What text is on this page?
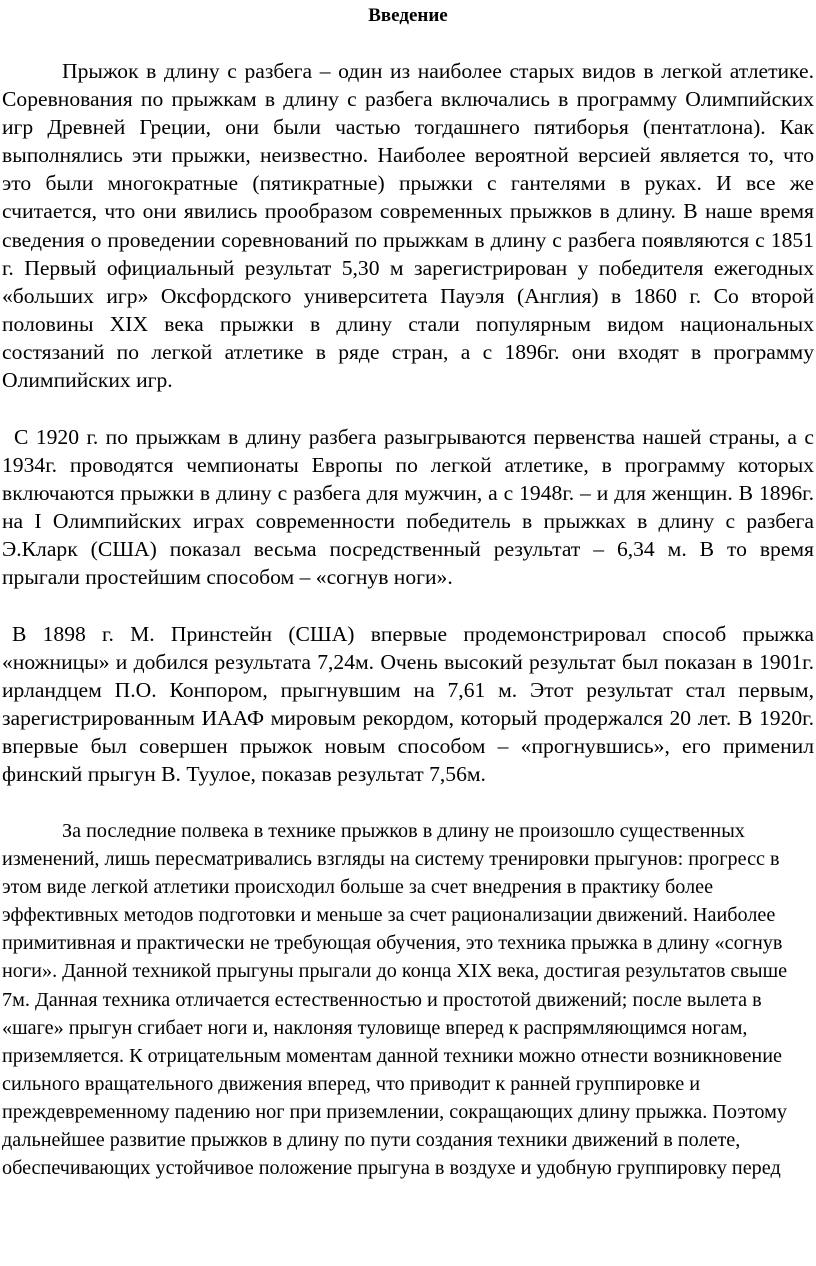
Введение

Прыжок в длину с разбега – один из наиболее старых видов в легкой атлетике. Соревнования по прыжкам в длину с разбега включались в программу Олимпийских игр Древней Греции, они были частью тогдашнего пятиборья (пентатлона). Как выполнялись эти прыжки, неизвестно. Наиболее вероятной версией является то, что это были многократные (пятикратные) прыжки с гантелями в руках. И все же считается, что они явились прообразом современных прыжков в длину. В наше время сведения о проведении соревнований по прыжкам в длину с разбега появляются с 1851 г. Первый официальный результат 5,30 м зарегистрирован у победителя ежегодных «больших игр» Оксфордского университета Пауэля (Англия) в 1860 г. Со второй половины XIX века прыжки в длину стали популярным видом национальных состязаний по легкой атлетике в ряде стран, а с 1896г. они входят в программу Олимпийских игр.

С 1920 г. по прыжкам в длину разбега разыгрываются первенства нашей страны, а с 1934г. проводятся чемпионаты Европы по легкой атлетике, в программу которых включаются прыжки в длину с разбега для мужчин, а с 1948г. – и для женщин. В 1896г. на I Олимпийских играх современности победитель в прыжках в длину с разбега Э.Кларк (США) показал весьма посредственный результат – 6,34 м. В то время прыгали простейшим способом – «согнув ноги».

В 1898 г. М. Принстейн (США) впервые продемонстрировал способ прыжка «ножницы» и добился результата 7,24м. Очень высокий результат был показан в 1901г. ирландцем П.О. Конпором, прыгнувшим на 7,61 м. Этот результат стал первым, зарегистрированным ИААФ мировым рекордом, который продержался 20 лет. В 1920г. впервые был совершен прыжок новым способом – «прогнувшись», его применил финский прыгун В. Туулое, показав результат 7,56м.

За последние полвека в технике прыжков в длину не произошло существенных изменений, лишь пересматривались взгляды на систему тренировки прыгунов: прогресс в этом виде легкой атлетики происходил больше за счет внедрения в практику более эффективных методов подготовки и меньше за счет рационализации движений. Наиболее примитивная и практически не требующая обучения, это техника прыжка в длину «согнув ноги». Данной техникой прыгуны прыгали до конца XIX века, достигая результатов свыше 7м. Данная техника отличается естественностью и простотой движений; после вылета в «шаге» прыгун сгибает ноги и, наклоняя туловище вперед к распрямляющимся ногам, приземляется. К отрицательным моментам данной техники можно отнести возникновение сильного вращательного движения вперед, что приводит к ранней группировке и преждевременному падению ног при приземлении, сокращающих длину прыжка. Поэтому дальнейшее развитие прыжков в длину по пути создания техники движений в полете, обеспечивающих устойчивое положение прыгуна в воздухе и удобную группировку перед
